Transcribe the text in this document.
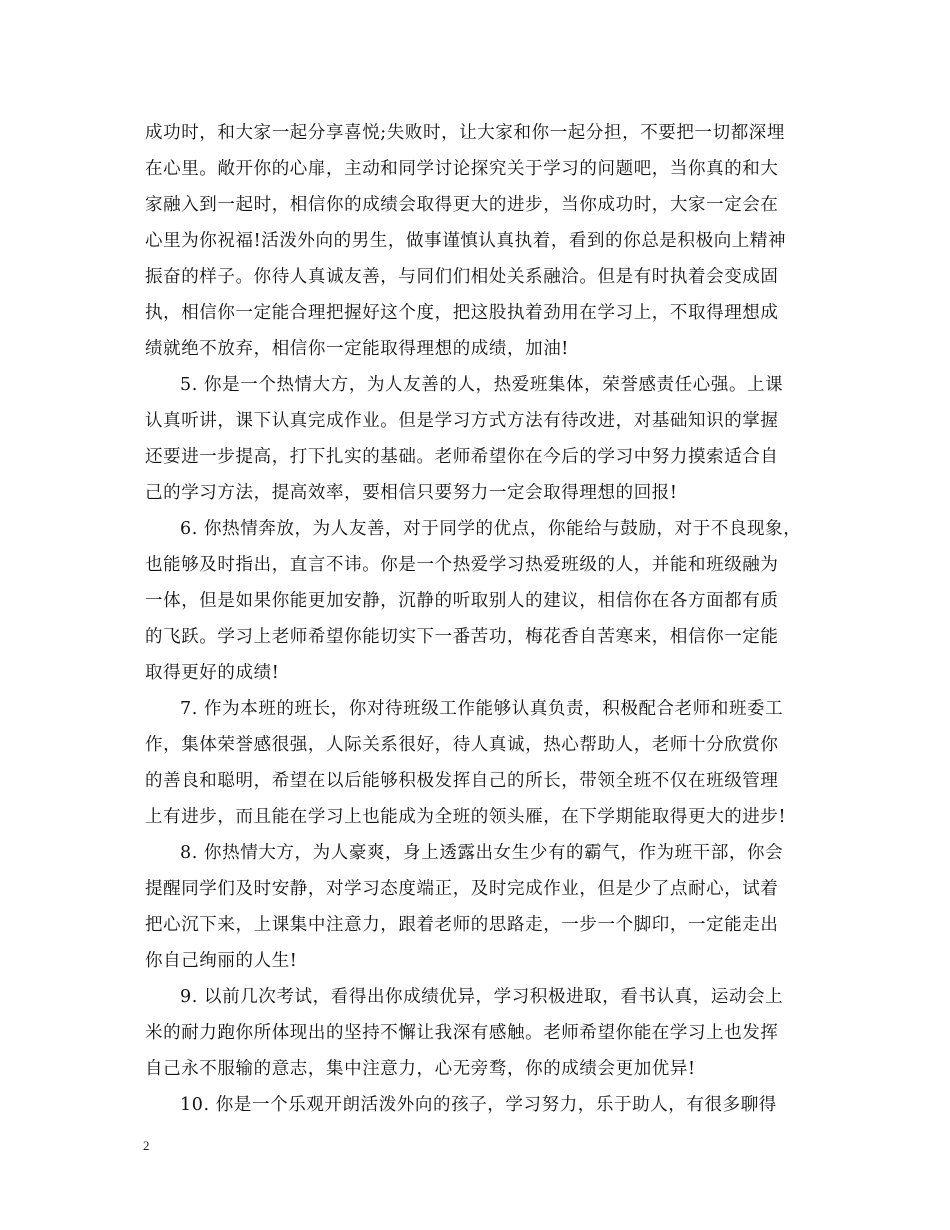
成功时，和大家一起分享喜悦;失败时，让大家和你一起分担，不要把一切都深埋
在心里。敞开你的心扉，主动和同学讨论探究关于学习的问题吧，当你真的和大
家融入到一起时，相信你的成绩会取得更大的进步，当你成功时，大家一定会在
心里为你祝福!活泼外向的男生，做事谨慎认真执着，看到的你总是积极向上精神
振奋的样子。你待人真诚友善，与同们们相处关系融洽。但是有时执着会变成固
执，相信你一定能合理把握好这个度，把这股执着劲用在学习上，不取得理想成
绩就绝不放弃，相信你一定能取得理想的成绩，加油!
5. 你是一个热情大方，为人友善的人，热爱班集体，荣誉感责任心强。上课
认真听讲，课下认真完成作业。但是学习方式方法有待改进，对基础知识的掌握
还要进一步提高，打下扎实的基础。老师希望你在今后的学习中努力摸索适合自
己的学习方法，提高效率，要相信只要努力一定会取得理想的回报!
6. 你热情奔放，为人友善，对于同学的优点，你能给与鼓励，对于不良现象，
也能够及时指出，直言不讳。你是一个热爱学习热爱班级的人，并能和班级融为
一体，但是如果你能更加安静，沉静的听取别人的建议，相信你在各方面都有质
的飞跃。学习上老师希望你能切实下一番苦功，梅花香自苦寒来，相信你一定能
取得更好的成绩!
7. 作为本班的班长，你对待班级工作能够认真负责，积极配合老师和班委工
作，集体荣誉感很强，人际关系很好，待人真诚，热心帮助人，老师十分欣赏你
的善良和聪明，希望在以后能够积极发挥自己的所长，带领全班不仅在班级管理
上有进步，而且能在学习上也能成为全班的领头雁，在下学期能取得更大的进步!
8. 你热情大方，为人豪爽，身上透露出女生少有的霸气，作为班干部，你会
提醒同学们及时安静，对学习态度端正，及时完成作业，但是少了点耐心，试着
把心沉下来，上课集中注意力，跟着老师的思路走，一步一个脚印，一定能走出
你自己绚丽的人生!
9. 以前几次考试，看得出你成绩优异，学习积极进取，看书认真，运动会上
米的耐力跑你所体现出的坚持不懈让我深有感触。老师希望你能在学习上也发挥
自己永不服输的意志，集中注意力，心无旁骛，你的成绩会更加优异!
10. 你是一个乐观开朗活泼外向的孩子，学习努力，乐于助人，有很多聊得
2
